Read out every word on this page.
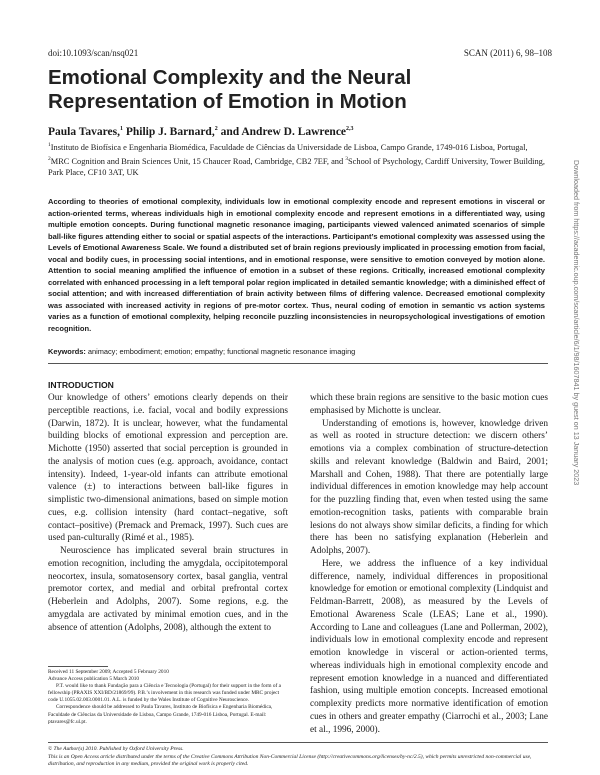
doi:10.1093/scan/nsq021	SCAN (2011) 6, 98–108
Emotional Complexity and the Neural Representation of Emotion in Motion
Paula Tavares,$^1$ Philip J. Barnard,$^2$ and Andrew D. Lawrence$^{2,3}$
$^1$Instituto de Biofísica e Engenharia Biomédica, Faculdade de Ciências da Universidade de Lisboa, Campo Grande, 1749-016 Lisboa, Portugal, $^2$MRC Cognition and Brain Sciences Unit, 15 Chaucer Road, Cambridge, CB2 7EF, and $^3$School of Psychology, Cardiff University, Tower Building, Park Place, CF10 3AT, UK
According to theories of emotional complexity, individuals low in emotional complexity encode and represent emotions in visceral or action-oriented terms, whereas individuals high in emotional complexity encode and represent emotions in a differentiated way, using multiple emotion concepts. During functional magnetic resonance imaging, participants viewed valenced animated scenarios of simple ball-like figures attending either to social or spatial aspects of the interactions. Participant’s emotional complexity was assessed using the Levels of Emotional Awareness Scale. We found a distributed set of brain regions previously implicated in processing emotion from facial, vocal and bodily cues, in processing social intentions, and in emotional response, were sensitive to emotion conveyed by motion alone. Attention to social meaning amplified the influence of emotion in a subset of these regions. Critically, increased emotional complexity correlated with enhanced processing in a left temporal polar region implicated in detailed semantic knowledge; with a diminished effect of social attention; and with increased differentiation of brain activity between films of differing valence. Decreased emotional complexity was associated with increased activity in regions of pre-motor cortex. Thus, neural coding of emotion in semantic vs action systems varies as a function of emotional complexity, helping reconcile puzzling inconsistencies in neuropsychological investigations of emotion recognition.
Keywords: animacy; embodiment; emotion; empathy; functional magnetic resonance imaging
INTRODUCTION

Our knowledge of others’ emotions clearly depends on their perceptible reactions, i.e. facial, vocal and bodily expressions (Darwin, 1872). It is unclear, however, what the fundamental building blocks of emotional expression and perception are. Michotte (1950) asserted that social perception is grounded in the analysis of motion cues (e.g. approach, avoidance, contact intensity). Indeed, 1-year-old infants can attribute emotional valence (±) to interactions between ball-like figures in simplistic two-dimensional animations, based on simple motion cues, e.g. collision intensity (hard contact–negative, soft contact–positive) (Premack and Premack, 1997). Such cues are used pan-culturally (Rimé et al., 1985).

Neuroscience has implicated several brain structures in emotion recognition, including the amygdala, occipitotemporal neocortex, insula, somatosensory cortex, basal ganglia, ventral premotor cortex, and medial and orbital prefrontal cortex (Heberlein and Adolphs, 2007). Some regions, e.g. the amygdala are activated by minimal emotion cues, and in the absence of attention (Adolphs, 2008), although the extent to

which these brain regions are sensitive to the basic motion cues emphasised by Michotte is unclear.

Understanding of emotions is, however, knowledge driven as well as rooted in structure detection: we discern others’ emotions via a complex combination of structure-detection skills and relevant knowledge (Baldwin and Baird, 2001; Marshall and Cohen, 1988). That there are potentially large individual differences in emotion knowledge may help account for the puzzling finding that, even when tested using the same emotion-recognition tasks, patients with comparable brain lesions do not always show similar deficits, a finding for which there has been no satisfying explanation (Heberlein and Adolphs, 2007).

Here, we address the influence of a key individual difference, namely, individual differences in propositional knowledge for emotion or emotional complexity (Lindquist and Feldman-Barrett, 2008), as measured by the Levels of Emotional Awareness Scale (LEAS; Lane et al., 1990). According to Lane and colleagues (Lane and Pollerman, 2002), individuals low in emotional complexity encode and represent emotion knowledge in visceral or action-oriented terms, whereas individuals high in emotional complexity encode and represent emotion knowledge in a nuanced and differentiated fashion, using multiple emotion concepts. Increased emotional complexity predicts more normative identification of emotion cues in others and greater empathy (Ciarrochi et al., 2003; Lane et al., 1996, 2000).

Received 11 September 2009; Accepted 5 February 2010

Advance Access publication 5 March 2010

P.T. would like to thank Fundação para a Ciência e Tecnologia (Portugal) for their support in the form of a fellowship (PRAXIS XXI/BD/21869/99). P.B.’s involvement in this research was funded under MRC project code U.1055.02.003.0001.01. A.L. is funded by the Wales Institute of Cognitive Neuroscience.

Correspondence should be addressed to Paula Tavares, Instituto de Biofísica e Engenharia Biomédica, Faculdade de Ciências da Universidade de Lisboa, Campo Grande, 1749-016 Lisboa, Portugal. E-mail: ptavares@fc.ul.pt.

© The Author(s) 2010. Published by Oxford University Press.

This is an Open Access article distributed under the terms of the Creative Commons Attribution Non-Commercial License (http://creativecommons.org/licenses/by-nc/2.5), which permits unrestricted non-commercial use, distribution, and reproduction in any medium, provided the original work is properly cited.

Downloaded from https://academic.oup.com/scan/article/6/1/98/1607841 by guest on 13 January 2023
